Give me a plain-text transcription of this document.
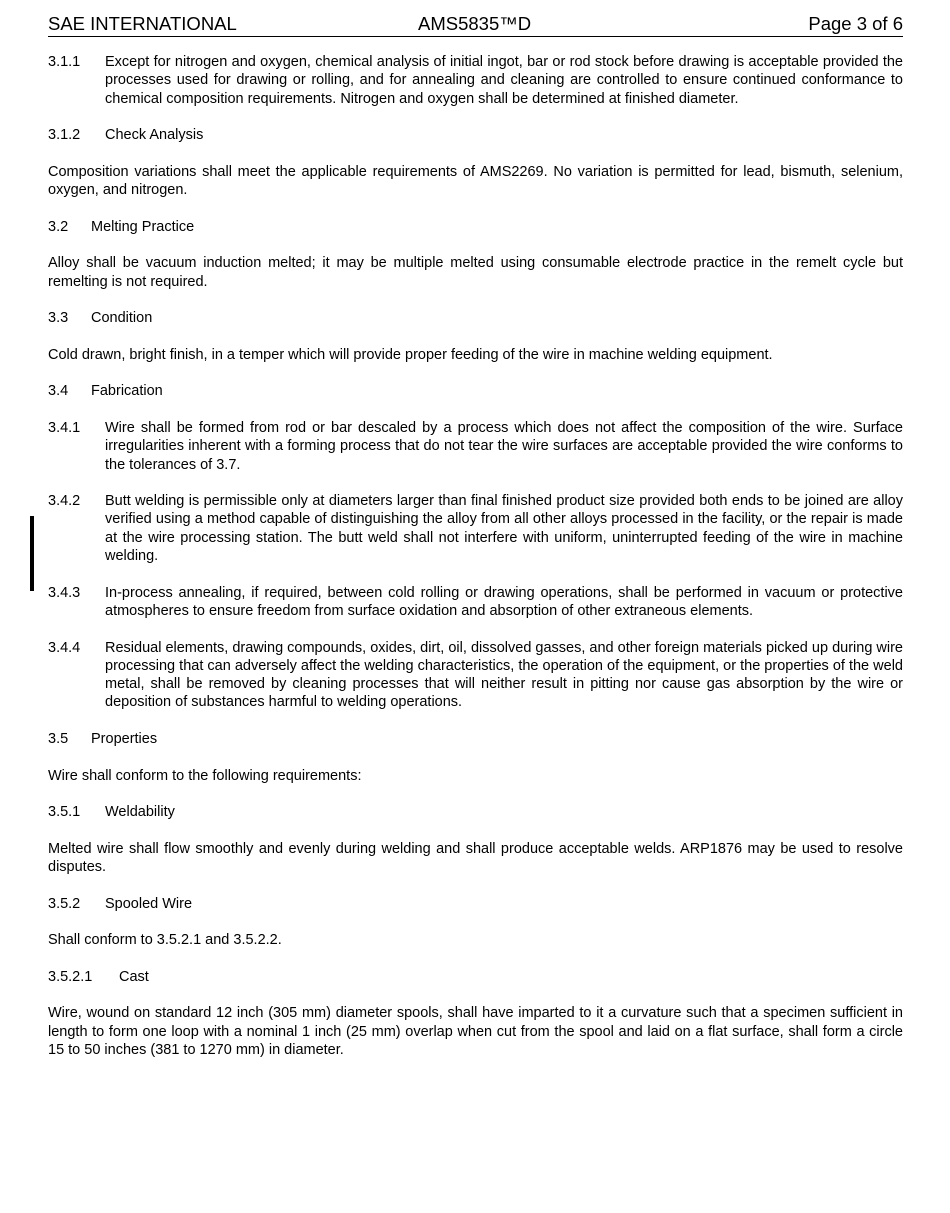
SAE INTERNATIONAL	AMS5835™D	Page 3 of 6
3.1.1	Except for nitrogen and oxygen, chemical analysis of initial ingot, bar or rod stock before drawing is acceptable provided the processes used for drawing or rolling, and for annealing and cleaning are controlled to ensure continued conformance to chemical composition requirements. Nitrogen and oxygen shall be determined at finished diameter.
3.1.2 Check Analysis

Composition variations shall meet the applicable requirements of AMS2269. No variation is permitted for lead, bismuth, selenium, oxygen, and nitrogen.

3.2 Melting Practice

Alloy shall be vacuum induction melted; it may be multiple melted using consumable electrode practice in the remelt cycle but remelting is not required.

3.3 Condition

Cold drawn, bright finish, in a temper which will provide proper feeding of the wire in machine welding equipment.

3.4 Fabrication
3.4.1	Wire shall be formed from rod or bar descaled by a process which does not affect the composition of the wire. Surface irregularities inherent with a forming process that do not tear the wire surfaces are acceptable provided the wire conforms to the tolerances of 3.7.
3.4.2	Butt welding is permissible only at diameters larger than final finished product size provided both ends to be joined are alloy verified using a method capable of distinguishing the alloy from all other alloys processed in the facility, or the repair is made at the wire processing station. The butt weld shall not interfere with uniform, uninterrupted feeding of the wire in machine welding.
3.4.3	In-process annealing, if required, between cold rolling or drawing operations, shall be performed in vacuum or protective atmospheres to ensure freedom from surface oxidation and absorption of other extraneous elements.
3.4.4	Residual elements, drawing compounds, oxides, dirt, oil, dissolved gasses, and other foreign materials picked up during wire processing that can adversely affect the welding characteristics, the operation of the equipment, or the properties of the weld metal, shall be removed by cleaning processes that will neither result in pitting nor cause gas absorption by the wire or deposition of substances harmful to welding operations.
3.5 Properties

Wire shall conform to the following requirements:

3.5.1 Weldability

Melted wire shall flow smoothly and evenly during welding and shall produce acceptable welds. ARP1876 may be used to resolve disputes.

3.5.2 Spooled Wire

Shall conform to 3.5.2.1 and 3.5.2.2.

3.5.2.1 Cast

Wire, wound on standard 12 inch (305 mm) diameter spools, shall have imparted to it a curvature such that a specimen sufficient in length to form one loop with a nominal 1 inch (25 mm) overlap when cut from the spool and laid on a flat surface, shall form a circle 15 to 50 inches (381 to 1270 mm) in diameter.
